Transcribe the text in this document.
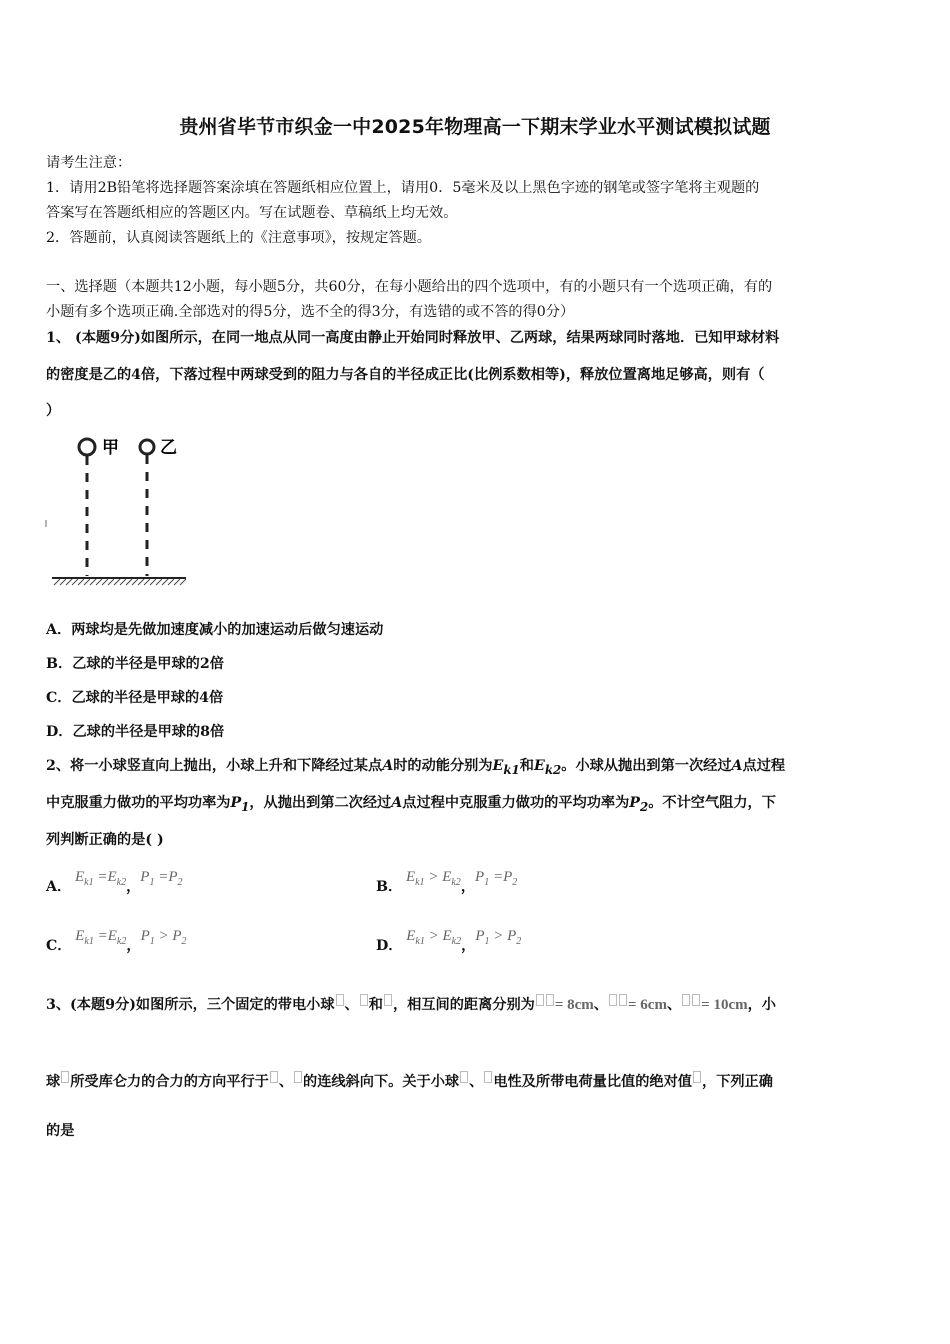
贵州省毕节市织金一中2025年物理高一下期末学业水平测试模拟试题
请考生注意：
1．请用2B铅笔将选择题答案涂填在答题纸相应位置上，请用0．5毫米及以上黑色字迹的钢笔或签字笔将主观题的
答案写在答题纸相应的答题区内。写在试题卷、草稿纸上均无效。
2．答题前，认真阅读答题纸上的《注意事项》，按规定答题。
一、选择题（本题共12小题，每小题5分，共60分，在每小题给出的四个选项中，有的小题只有一个选项正确，有的
小题有多个选项正确.全部选对的得5分，选不全的得3分，有选错的或不答的得0分）
1、 (本题9分)如图所示，在同一地点从同一高度由静止开始同时释放甲、乙两球，结果两球同时落地．已知甲球材料
的密度是乙的4倍，下落过程中两球受到的阻力与各自的半径成正比(比例系数相等)，释放位置离地足够高，则有（
）
甲 乙
A．两球均是先做加速度减小的加速运动后做匀速运动
B．乙球的半径是甲球的2倍
C．乙球的半径是甲球的4倍
D．乙球的半径是甲球的8倍
2、将一小球竖直向上抛出，小球上升和下降经过某点A时的动能分别为$E_{k1}$和$E_{k2}$。小球从抛出到第一次经过A点过程
中克服重力做功的平均功率为$P_1$，从抛出到第二次经过A点过程中克服重力做功的平均功率为$P_2$。不计空气阻力，下
列判断正确的是( )
A． $E_{k1} =E_{k2}$，$P_1 =P_2$	B． $E_{k1} > E_{k2}$，$P_1 =P_2$
C． $E_{k1} =E_{k2}$，$P_1 > P_2$	D． $E_{k1} > E_{k2}$，$P_1 > P_2$
3、(本题9分)如图所示，三个固定的带电小球 、 和 ，相互间的距离分别为 = 8cm、 = 6cm、 = 10cm，小
球 所受库仑力的合力的方向平行于 、 的连线斜向下。关于小球 、 电性及所带电荷量比值的绝对值 ，下列正确
的是
